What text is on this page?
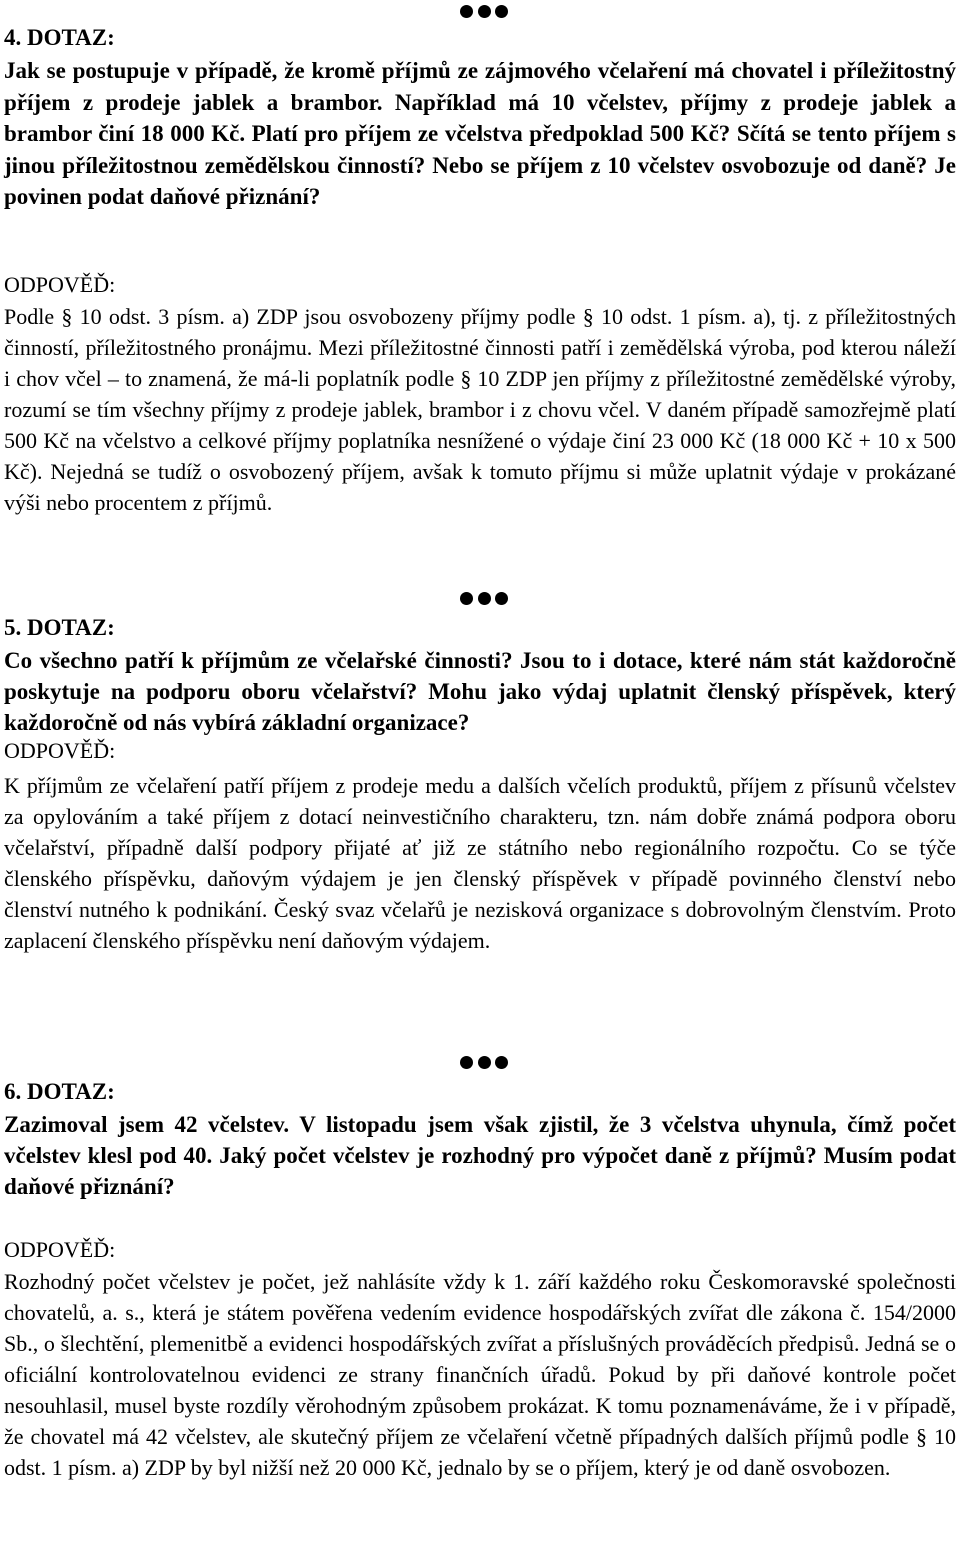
4. DOTAZ:

Jak se postupuje v případě, že kromě příjmů ze zájmového včelaření má chovatel i příležitostný příjem z prodeje jablek a brambor. Například má 10 včelstev, příjmy z prodeje jablek a brambor činí 18 000 Kč. Platí pro příjem ze včelstva předpoklad 500 Kč? Sčítá se tento příjem s jinou příležitostnou zemědělskou činností? Nebo se příjem z 10 včelstev osvobozuje od daně? Je povinen podat daňové přiznání?

ODPOVĚĎ:

Podle § 10 odst. 3 písm. a) ZDP jsou osvobozeny příjmy podle § 10 odst. 1 písm. a), tj. z příležitostných činností, příležitostného pronájmu. Mezi příležitostné činnosti patří i zemědělská výroba, pod kterou náleží i chov včel – to znamená, že má-li poplatník podle § 10 ZDP jen příjmy z příležitostné zemědělské výroby, rozumí se tím všechny příjmy z prodeje jablek, brambor i z chovu včel. V daném případě samozřejmě platí 500 Kč na včelstvo a celkové příjmy poplatníka nesnížené o výdaje činí 23 000 Kč (18 000 Kč + 10 x 500 Kč). Nejedná se tudíž o osvobozený příjem, avšak k tomuto příjmu si může uplatnit výdaje v prokázané výši nebo procentem z příjmů.

5. DOTAZ:

Co všechno patří k příjmům ze včelařské činnosti? Jsou to i dotace, které nám stát každoročně poskytuje na podporu oboru včelařství? Mohu jako výdaj uplatnit členský příspěvek, který každoročně od nás vybírá základní organizace?

ODPOVĚĎ:

K příjmům ze včelaření patří příjem z prodeje medu a dalších včelích produktů, příjem z přísunů včelstev za opylováním a také příjem z dotací neinvestičního charakteru, tzn. nám dobře známá podpora oboru včelařství, případně další podpory přijaté ať již ze státního nebo regionálního rozpočtu. Co se týče členského příspěvku, daňovým výdajem je jen členský příspěvek v případě povinného členství nebo členství nutného k podnikání. Český svaz včelařů je nezisková organizace s dobrovolným členstvím. Proto zaplacení členského příspěvku není daňovým výdajem.

6. DOTAZ:

Zazimoval jsem 42 včelstev. V listopadu jsem však zjistil, že 3 včelstva uhynula, čímž počet včelstev klesl pod 40. Jaký počet včelstev je rozhodný pro výpočet daně z příjmů? Musím podat daňové přiznání?

ODPOVĚĎ:

Rozhodný počet včelstev je počet, jež nahlásíte vždy k 1. září každého roku Českomoravské společnosti chovatelů, a. s., která je státem pověřena vedením evidence hospodářských zvířat dle zákona č. 154/2000 Sb., o šlechtění, plemenitbě a evidenci hospodářských zvířat a příslušných prováděcích předpisů. Jedná se o oficiální kontrolovatelnou evidenci ze strany finančních úřadů. Pokud by při daňové kontrole počet nesouhlasil, musel byste rozdíly věrohodným způsobem prokázat. K tomu poznamenáváme, že i v případě, že chovatel má 42 včelstev, ale skutečný příjem ze včelaření včetně případných dalších příjmů podle § 10 odst. 1 písm. a) ZDP by byl nižší než 20 000 Kč, jednalo by se o příjem, který je od daně osvobozen.
